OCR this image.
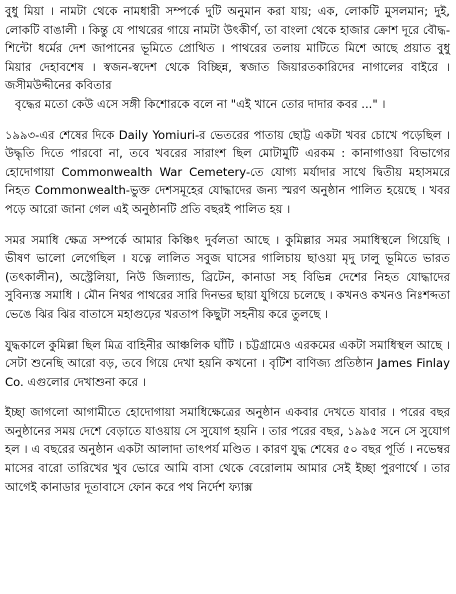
বুধু মিয়া । নামটা থেকে নামধারী সম্পর্কে দুটি অনুমান করা যায়; এক, লোকটি মুসলমান; দুই, লোকটি বাঙালী । কিন্তু যে পাথরের গায়ে নামটা উৎকীর্ণ, তা বাংলা থেকে হাজার ক্রোশ দূরে বৌদ্ধ-শিন্টো ধর্মের দেশ জাপানের ভূমিতে প্রোথিত । পাথরের তলায় মাটিতে মিশে আছে প্রয়াত বুধু মিয়ার দেহাবশেষ । স্বজন-স্বদেশ থেকে বিচ্ছিন্ন, স্বজাত জিয়ারতকারিদের নাগালের বাইরে । জসীমউদ্দীনের কবিতার

বৃদ্ধের মতো কেউ এসে সঙ্গী কিশোরকে বলে না "এই খানে তোর দাদার কবর ..." ।

১৯৯৩-এর শেষের দিকে Daily Yomiuri-র ভেতরের পাতায় ছোট্ট একটা খবর চোখে পড়েছিল । উদ্ধৃতি দিতে পারবো না, তবে খবরের সারাংশ ছিল মোটামুটি এরকম : কানাগাওয়া বিভাগের হোদোগায়া Commonwealth War Cemetery-তে যোগ্য মর্যাদার সাথে দ্বিতীয় মহাসমরে নিহত Commonwealth-ভুক্ত দেশসমূহের যোদ্ধাদের জন্য স্মরণ অনুষ্ঠান পালিত হয়েছে । খবর পড়ে আরো জানা গেল এই অনুষ্ঠানটি প্রতি বছরই পালিত হয় ।

সমর সমাধি ক্ষেত্র সম্পর্কে আমার কিঞ্চিৎ দুর্বলতা আছে । কুমিল্লার সমর সমাধিস্থলে গিয়েছি । ভীষণ ভালো লেগেছিল । যত্নে লালিত সবুজ ঘাসের গালিচায় ছাওয়া মৃদু ঢালু ভূমিতে ভারত (তৎকালীন), অস্ট্রেলিয়া, নিউ জিল্যান্ড, ব্রিটেন, কানাডা সহ বিভিন্ন দেশের নিহত যোদ্ধাদের সুবিন্যস্ত সমাধি । মৌন নিথর পাথরের সারি দিনভর ছায়া যুগিয়ে চলেছে । কখনও কখনও নিঃশব্দতা ভেঙে ঝির ঝির বাতাসে মহাগুঢ়ের খরতাপ কিছুটা সহনীয় করে তুলছে ।

যুদ্ধকালে কুমিল্লা ছিল মিত্র বাহিনীর আঞ্চলিক ঘাঁটি । চট্টগ্রামেও এরকমের একটা সমাধিস্থল আছে । সেটা শুনেছি আরো বড়, তবে গিয়ে দেখা হয়নি কখনো । বৃটিশ বাণিজ্য প্রতিষ্ঠান James Finlay Co. এগুলোর দেখাশুনা করে ।

ইচ্ছা জাগলো আগামীতে হোদোগায়া সমাধিক্ষেত্রের অনুষ্ঠান একবার দেখতে যাবার । পরের বছর অনুষ্ঠানের সময় দেশে বেড়াতে যাওয়ায় সে সুযোগ হয়নি । তার পরের বছর, ১৯৯৫ সনে সে সুযোগ হল । এ বছরের অনুষ্ঠান একটা আলাদা তাৎপর্য মণ্ডিত । কারণ যুদ্ধ শেষের ৫০ বছর পূর্তি । নভেম্বর মাসের বারো তারিখের খুব ভোরে আমি বাসা থেকে বেরোলাম আমার সেই ইচ্ছা পুরণার্থে । তার আগেই কানাডার দূতাবাসে ফোন করে পথ নির্দেশ ফ্যাক্স
